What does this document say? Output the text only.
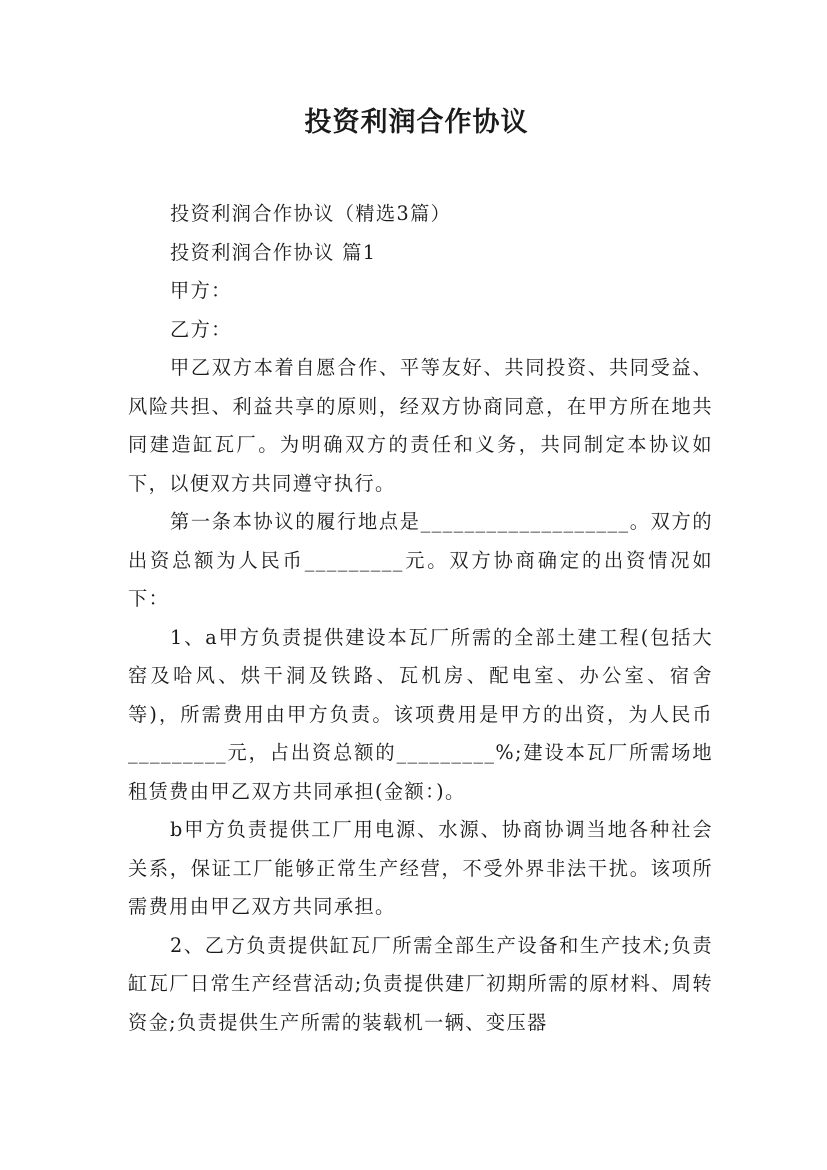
投资利润合作协议

投资利润合作协议（精选3篇）

投资利润合作协议 篇1

甲方：

乙方：

甲乙双方本着自愿合作、平等友好、共同投资、共同受益、风险共担、利益共享的原则，经双方协商同意，在甲方所在地共同建造缸瓦厂。为明确双方的责任和义务，共同制定本协议如下，以便双方共同遵守执行。

第一条本协议的履行地点是___________________。双方的出资总额为人民币_________元。双方协商确定的出资情况如下：

1、a甲方负责提供建设本瓦厂所需的全部土建工程(包括大窑及哈风、烘干洞及铁路、瓦机房、配电室、办公室、宿舍等)，所需费用由甲方负责。该项费用是甲方的出资，为人民币_________元，占出资总额的_________%;建设本瓦厂所需场地租赁费由甲乙双方共同承担(金额：)。

b甲方负责提供工厂用电源、水源、协商协调当地各种社会关系，保证工厂能够正常生产经营，不受外界非法干扰。该项所需费用由甲乙双方共同承担。

2、乙方负责提供缸瓦厂所需全部生产设备和生产技术;负责缸瓦厂日常生产经营活动;负责提供建厂初期所需的原材料、周转资金;负责提供生产所需的装载机一辆、变压器
